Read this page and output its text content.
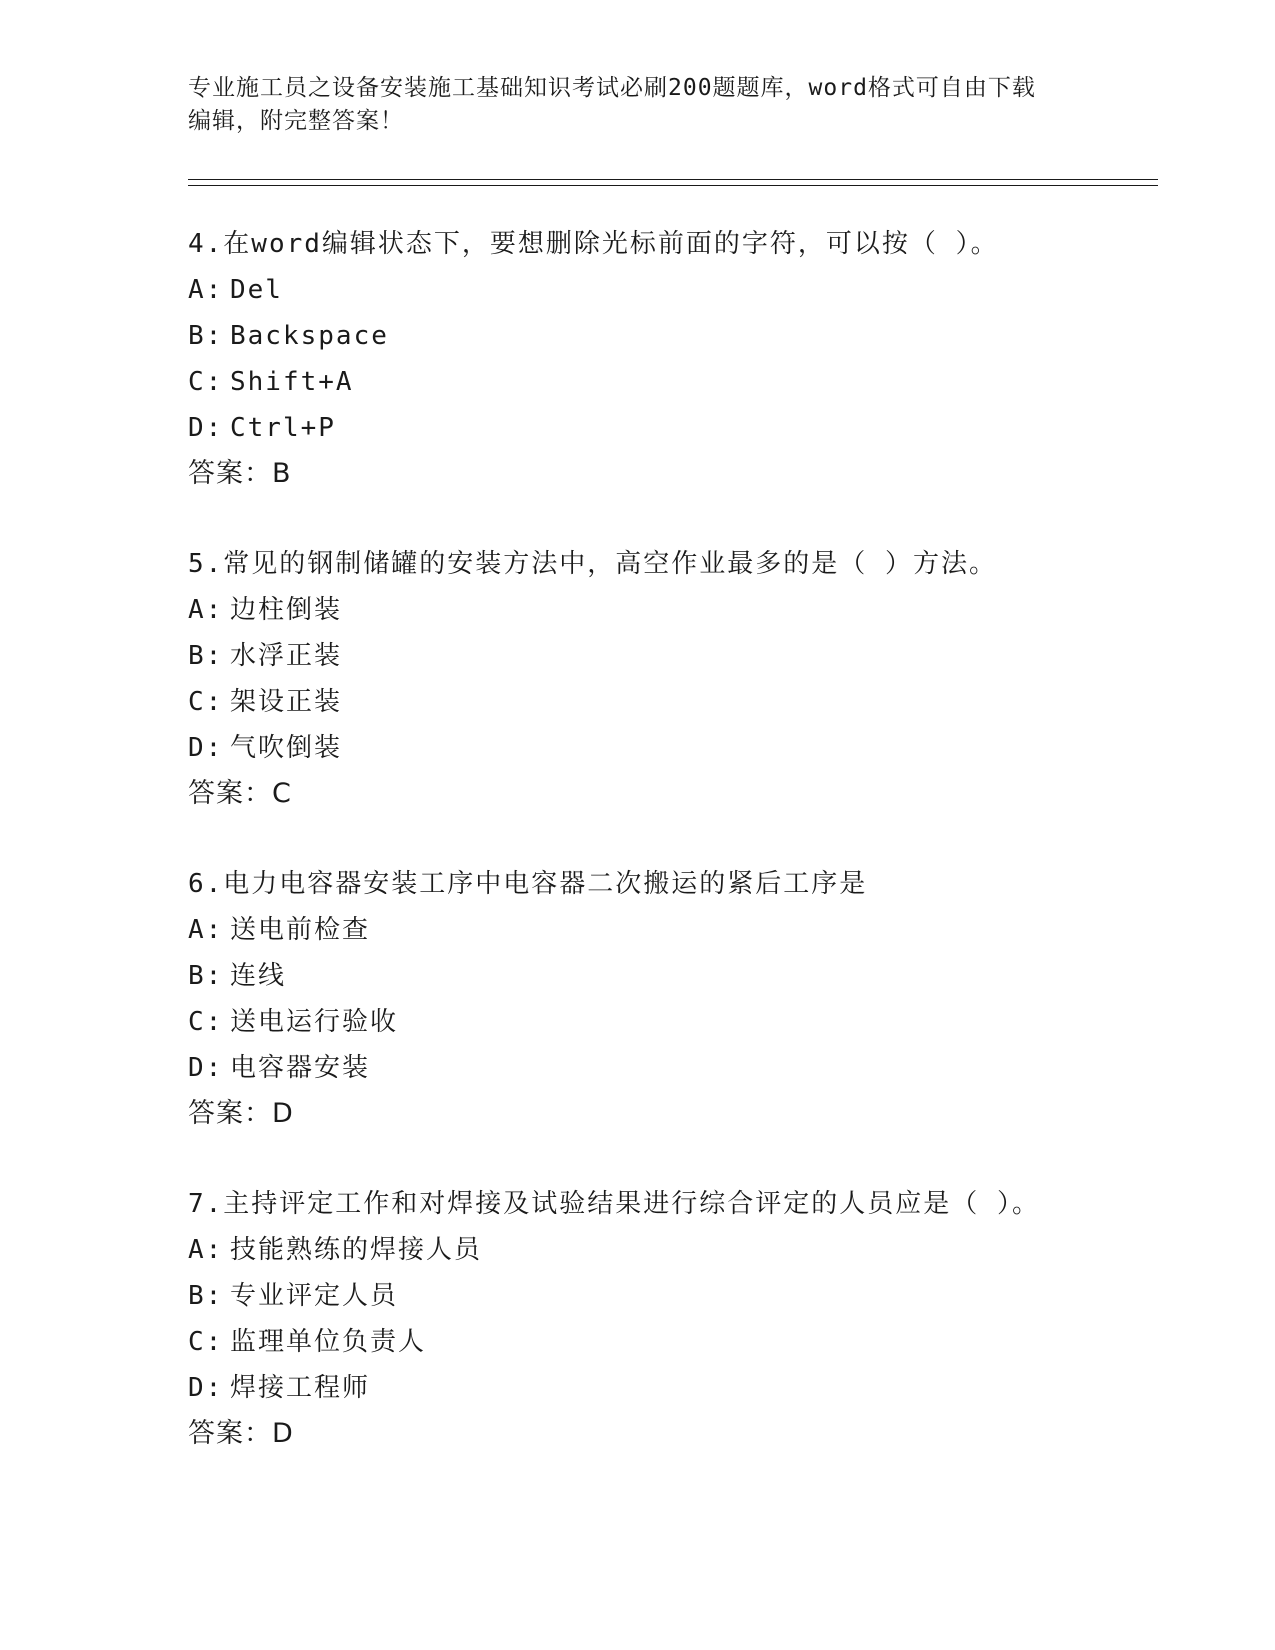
专业施工员之设备安装施工基础知识考试必刷200题题库，word格式可自由下载
编辑，附完整答案！
4.在word编辑状态下，要想删除光标前面的字符，可以按（ ）。
A: Del
B: Backspace
C: Shift+A
D: Ctrl+P
答案：B
5.常见的钢制储罐的安装方法中，高空作业最多的是（ ）方法。
A: 边柱倒装
B: 水浮正装
C: 架设正装
D: 气吹倒装
答案：C
6.电力电容器安装工序中电容器二次搬运的紧后工序是
A: 送电前检查
B: 连线
C: 送电运行验收
D: 电容器安装
答案：D
7.主持评定工作和对焊接及试验结果进行综合评定的人员应是（ ）。
A: 技能熟练的焊接人员
B: 专业评定人员
C: 监理单位负责人
D: 焊接工程师
答案：D
